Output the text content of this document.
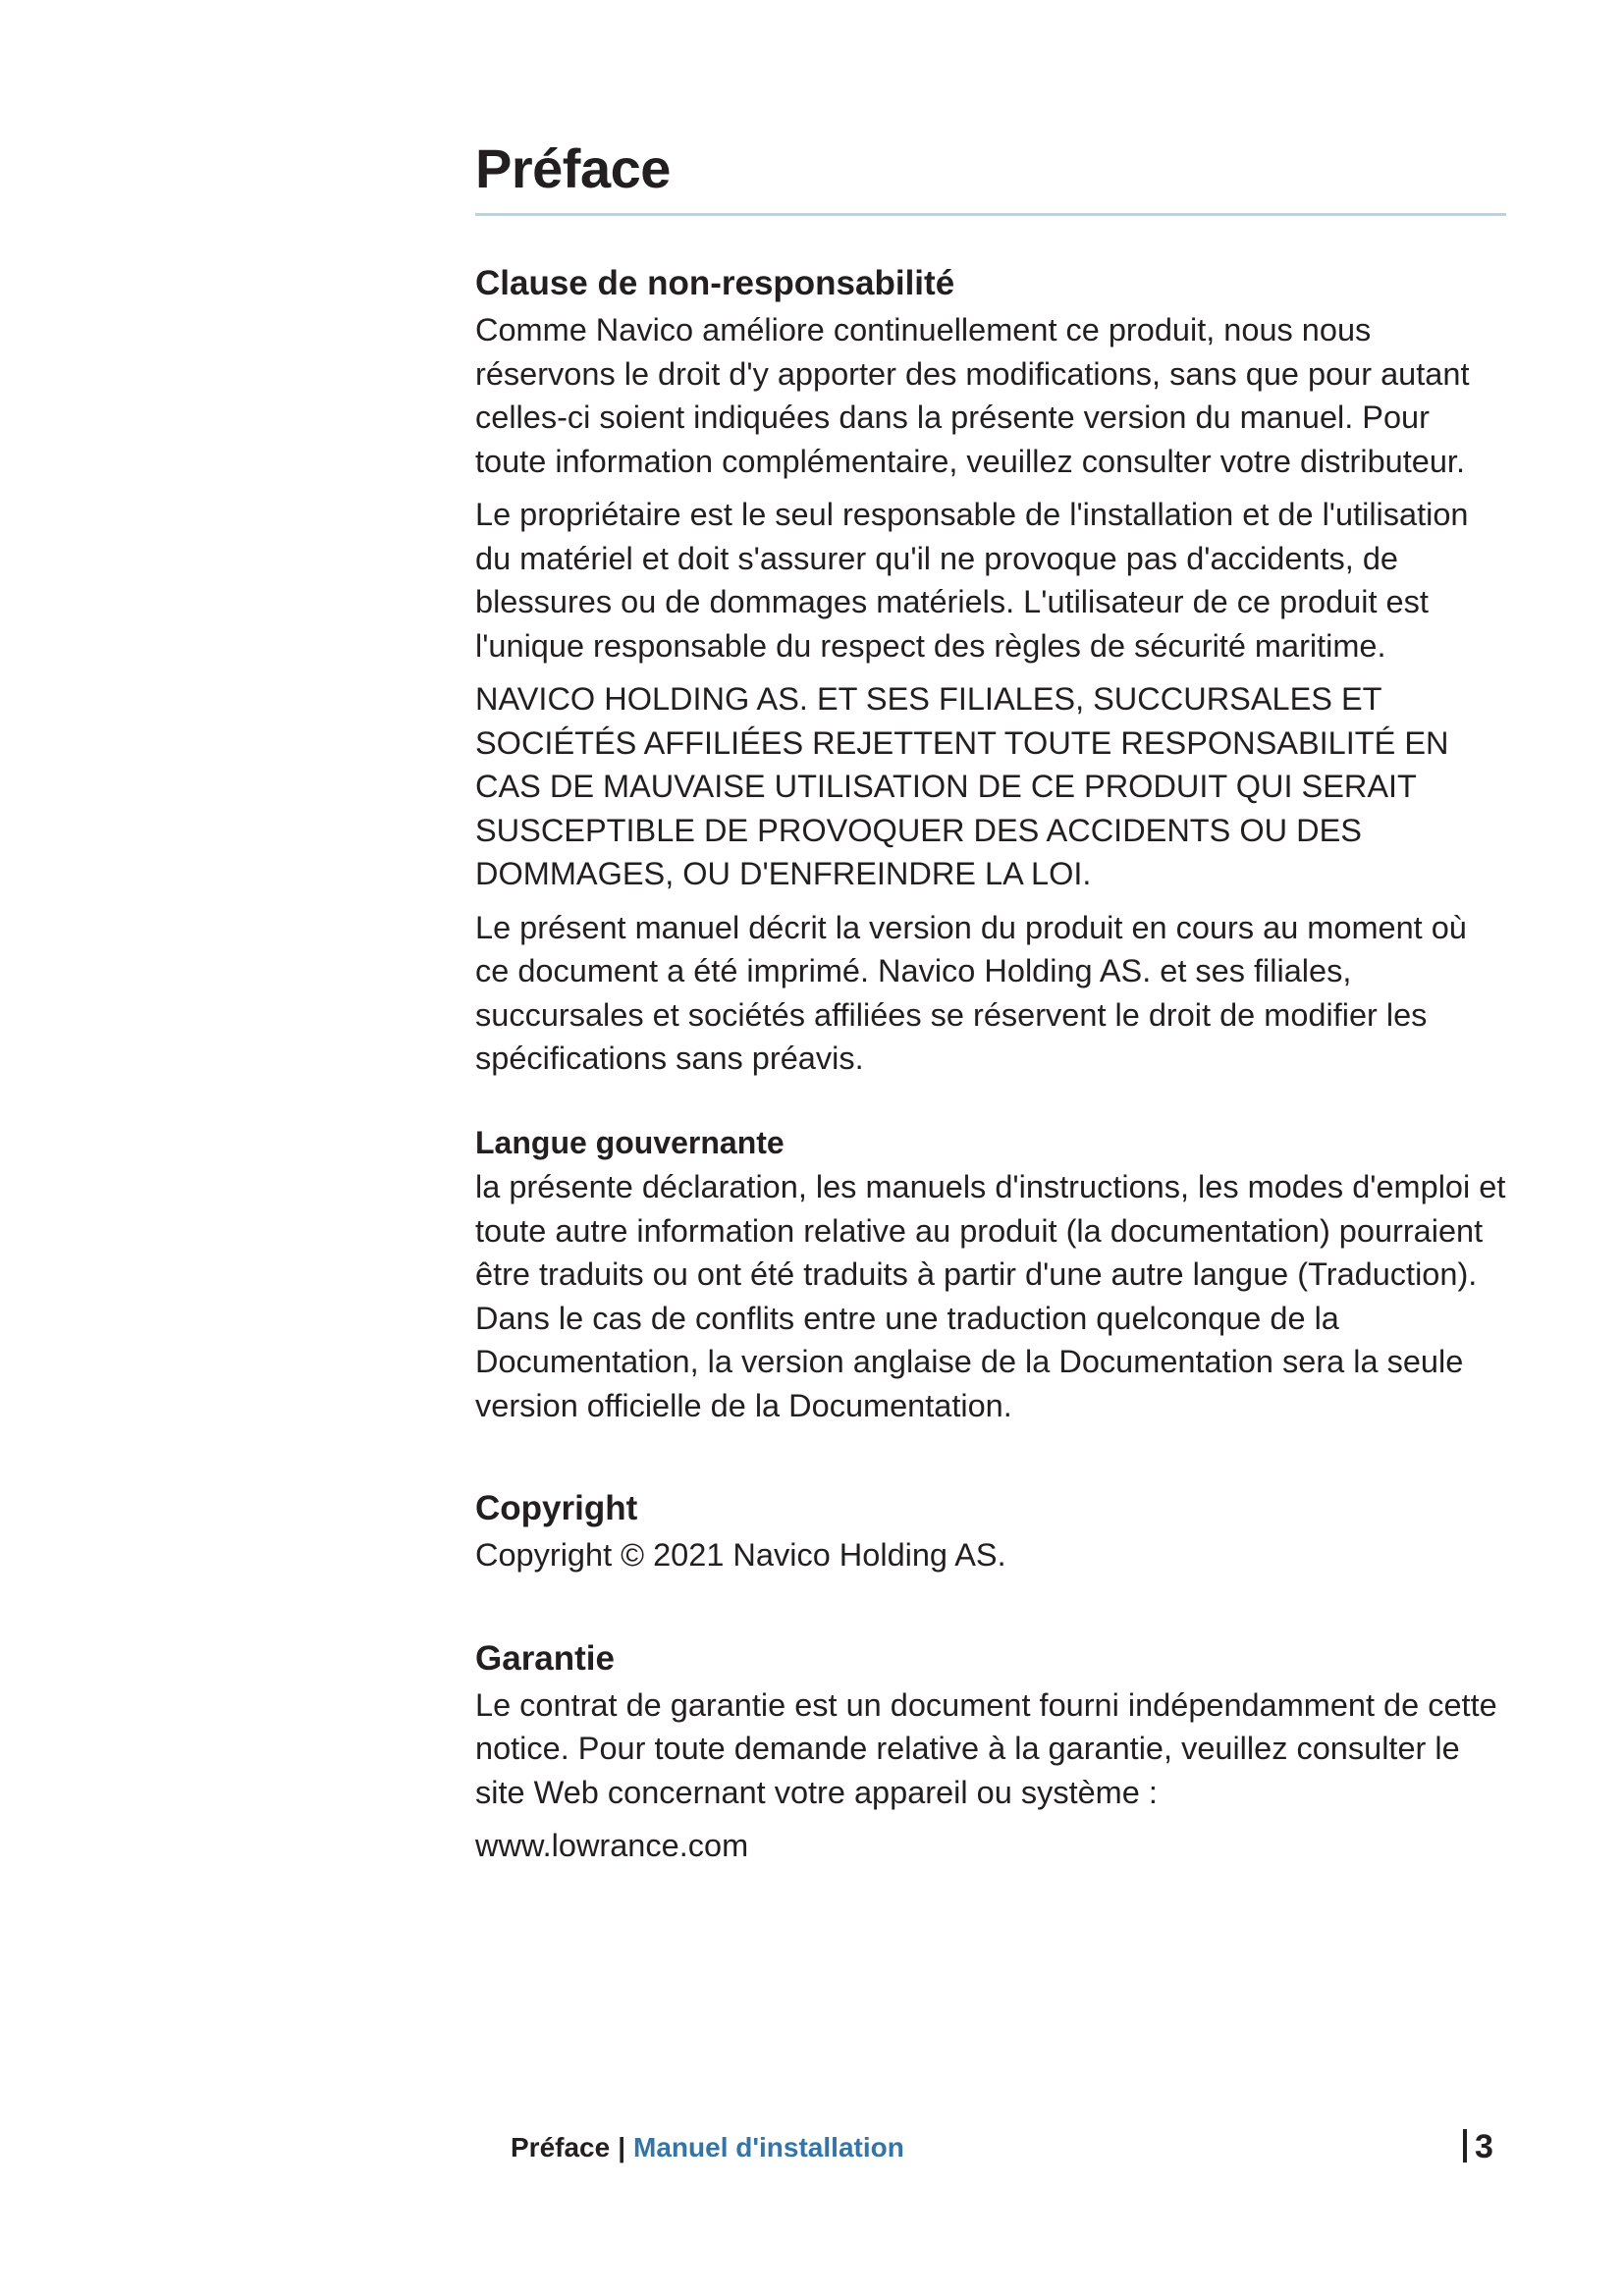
Préface
Clause de non-responsabilité

Comme Navico améliore continuellement ce produit, nous nous réservons le droit d'y apporter des modifications, sans que pour autant celles-ci soient indiquées dans la présente version du manuel. Pour toute information complémentaire, veuillez consulter votre distributeur.

Le propriétaire est le seul responsable de l'installation et de l'utilisation du matériel et doit s'assurer qu'il ne provoque pas d'accidents, de blessures ou de dommages matériels. L'utilisateur de ce produit est l'unique responsable du respect des règles de sécurité maritime.

NAVICO HOLDING AS. ET SES FILIALES, SUCCURSALES ET SOCIÉTÉS AFFILIÉES REJETTENT TOUTE RESPONSABILITÉ EN CAS DE MAUVAISE UTILISATION DE CE PRODUIT QUI SERAIT SUSCEPTIBLE DE PROVOQUER DES ACCIDENTS OU DES DOMMAGES, OU D'ENFREINDRE LA LOI.

Le présent manuel décrit la version du produit en cours au moment où ce document a été imprimé. Navico Holding AS. et ses filiales, succursales et sociétés affiliées se réservent le droit de modifier les spécifications sans préavis.

Langue gouvernante

la présente déclaration, les manuels d'instructions, les modes d'emploi et toute autre information relative au produit (la documentation) pourraient être traduits ou ont été traduits à partir d'une autre langue (Traduction). Dans le cas de conflits entre une traduction quelconque de la Documentation, la version anglaise de la Documentation sera la seule version officielle de la Documentation.

Copyright

Copyright © 2021 Navico Holding AS.

Garantie

Le contrat de garantie est un document fourni indépendamment de cette notice. Pour toute demande relative à la garantie, veuillez consulter le site Web concernant votre appareil ou système :

www.lowrance.com

Préface | Manuel d'installation	3
